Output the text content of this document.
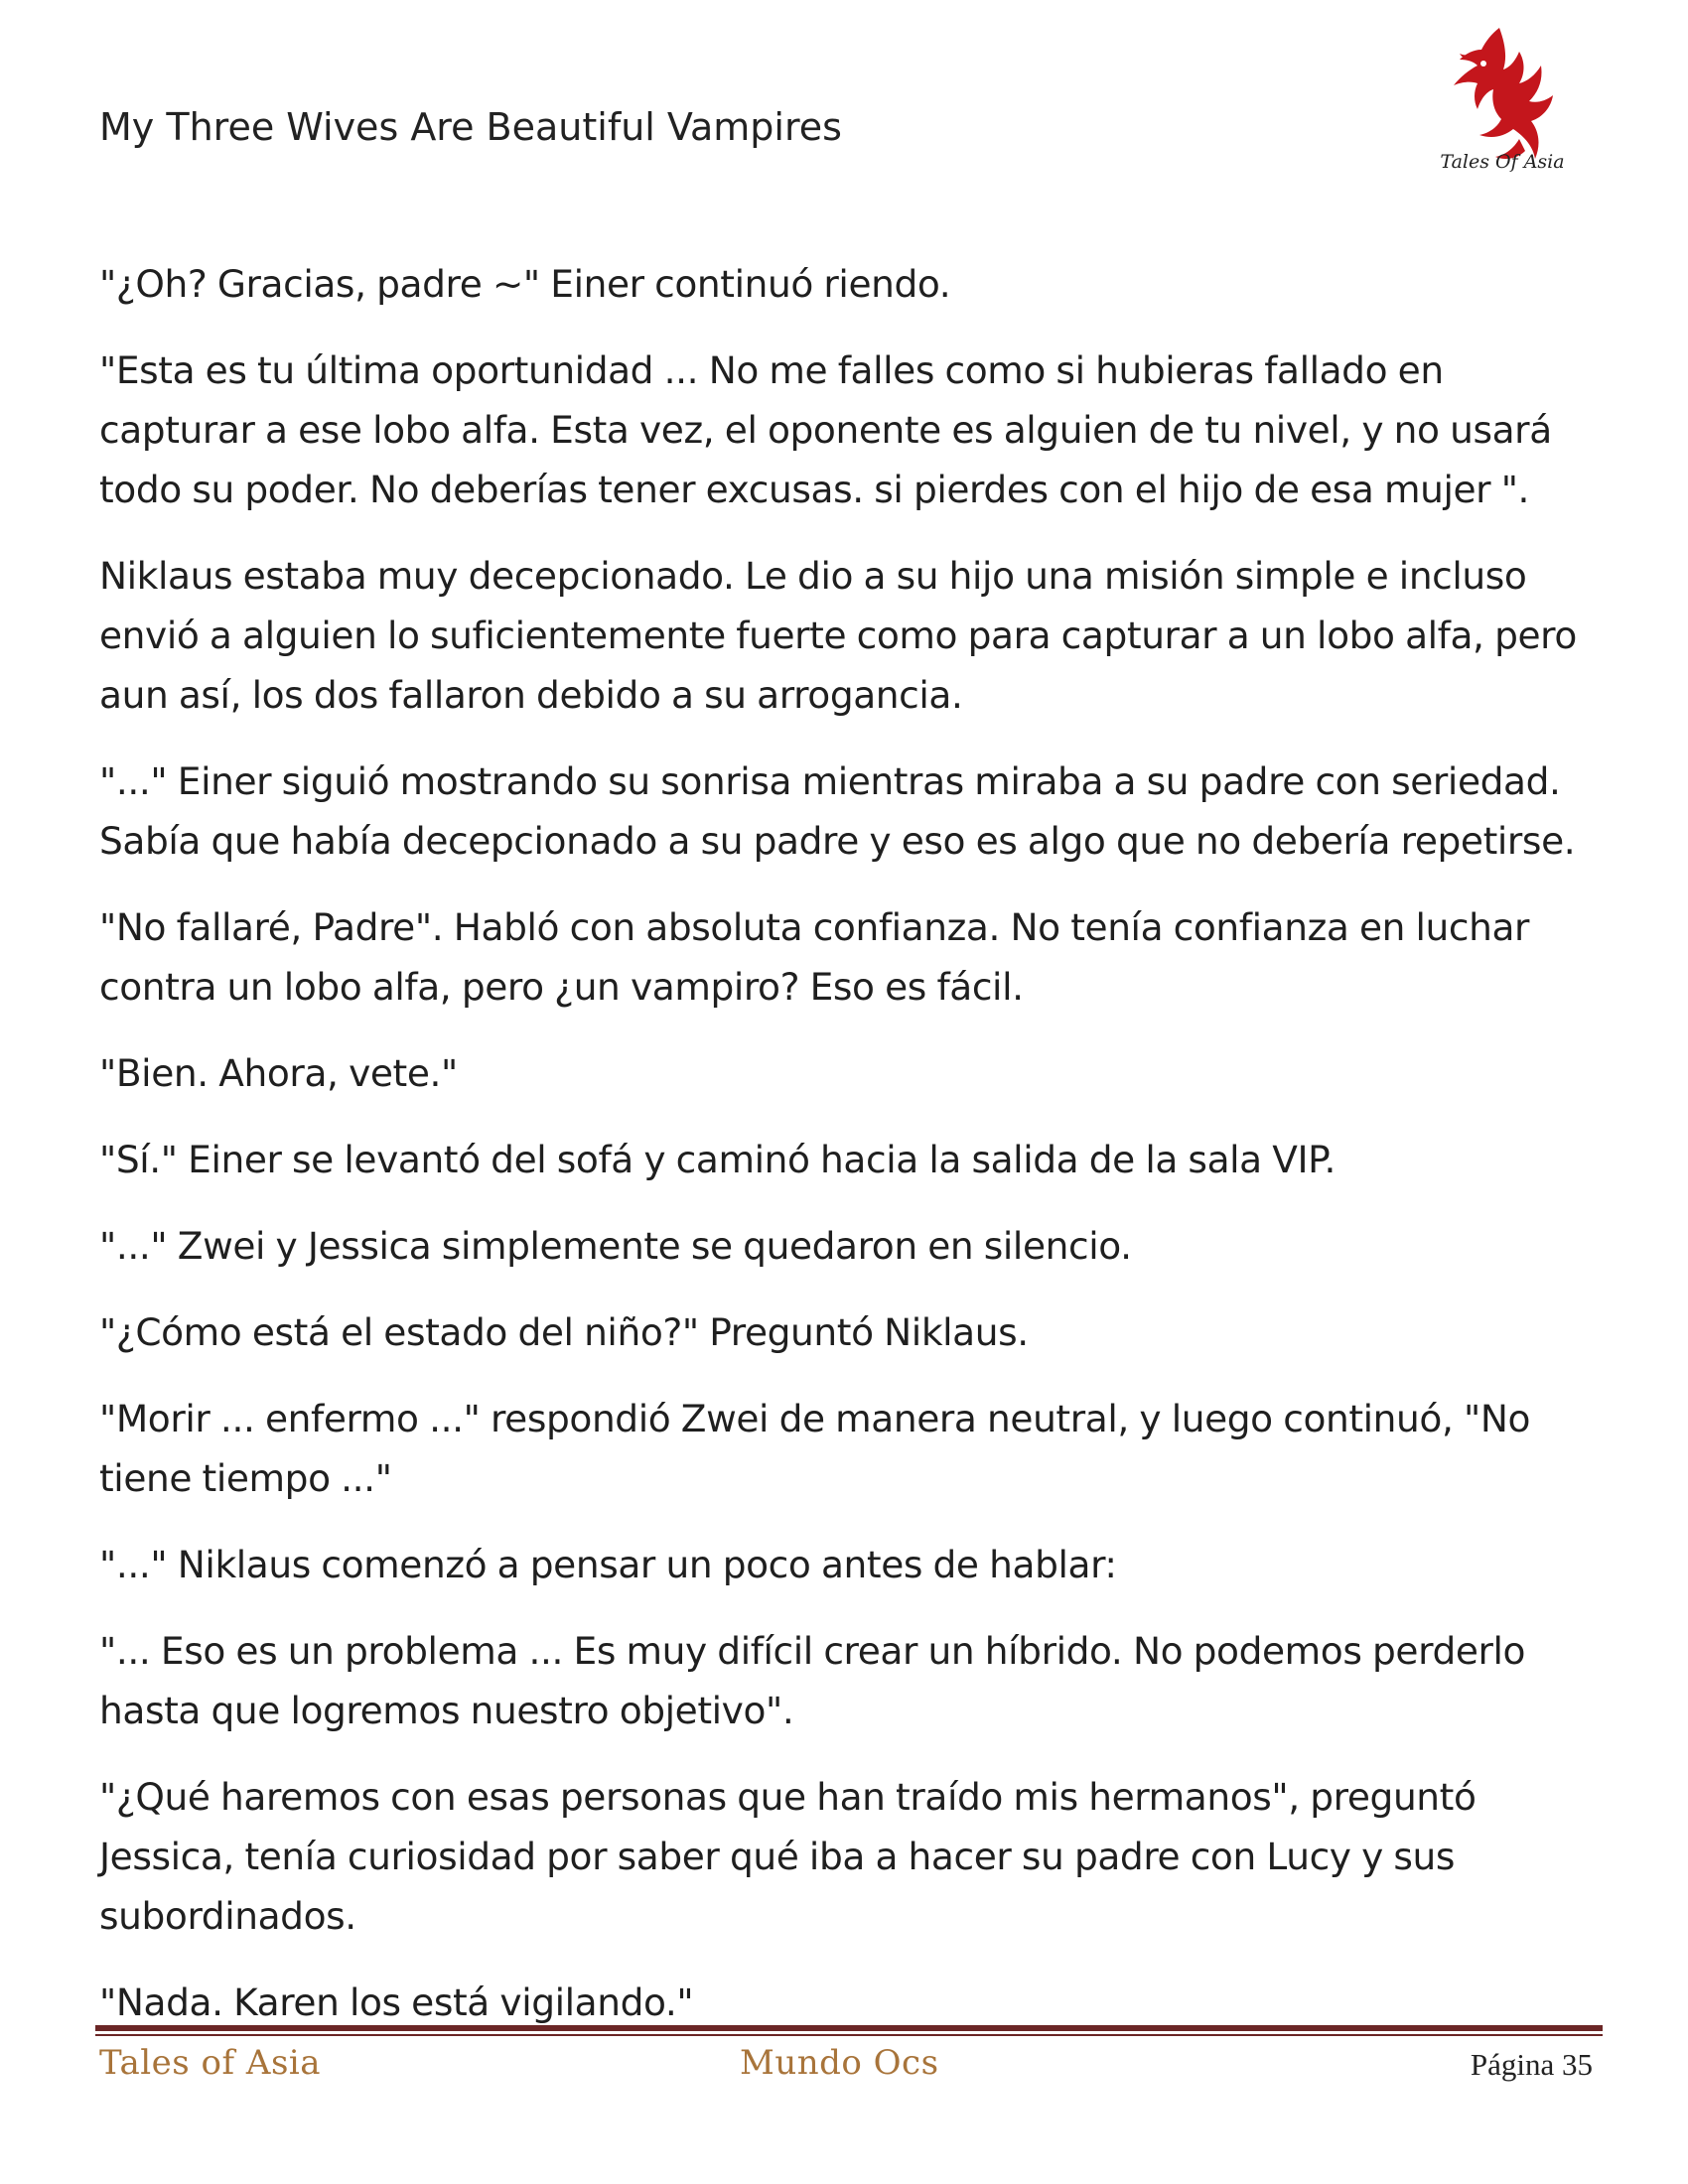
My Three Wives Are Beautiful Vampires
Tales Of Asia

"¿Oh? Gracias, padre ~" Einer continuó riendo.

"Esta es tu última oportunidad ... No me falles como si hubieras fallado en capturar a ese lobo alfa. Esta vez, el oponente es alguien de tu nivel, y no usará todo su poder. No deberías tener excusas. si pierdes con el hijo de esa mujer ".

Niklaus estaba muy decepcionado. Le dio a su hijo una misión simple e incluso envió a alguien lo suficientemente fuerte como para capturar a un lobo alfa, pero aun así, los dos fallaron debido a su arrogancia.

"..." Einer siguió mostrando su sonrisa mientras miraba a su padre con seriedad. Sabía que había decepcionado a su padre y eso es algo que no debería repetirse.

"No fallaré, Padre". Habló con absoluta confianza. No tenía confianza en luchar contra un lobo alfa, pero ¿un vampiro? Eso es fácil.

"Bien. Ahora, vete."

"Sí." Einer se levantó del sofá y caminó hacia la salida de la sala VIP.

"..." Zwei y Jessica simplemente se quedaron en silencio.

"¿Cómo está el estado del niño?" Preguntó Niklaus.

"Morir ... enfermo ..." respondió Zwei de manera neutral, y luego continuó, "No tiene tiempo ..."

"..." Niklaus comenzó a pensar un poco antes de hablar:

"... Eso es un problema ... Es muy difícil crear un híbrido. No podemos perderlo hasta que logremos nuestro objetivo".

"¿Qué haremos con esas personas que han traído mis hermanos", preguntó Jessica, tenía curiosidad por saber qué iba a hacer su padre con Lucy y sus subordinados.

"Nada. Karen los está vigilando."

Tales of Asia	Mundo Ocs	Página 35
